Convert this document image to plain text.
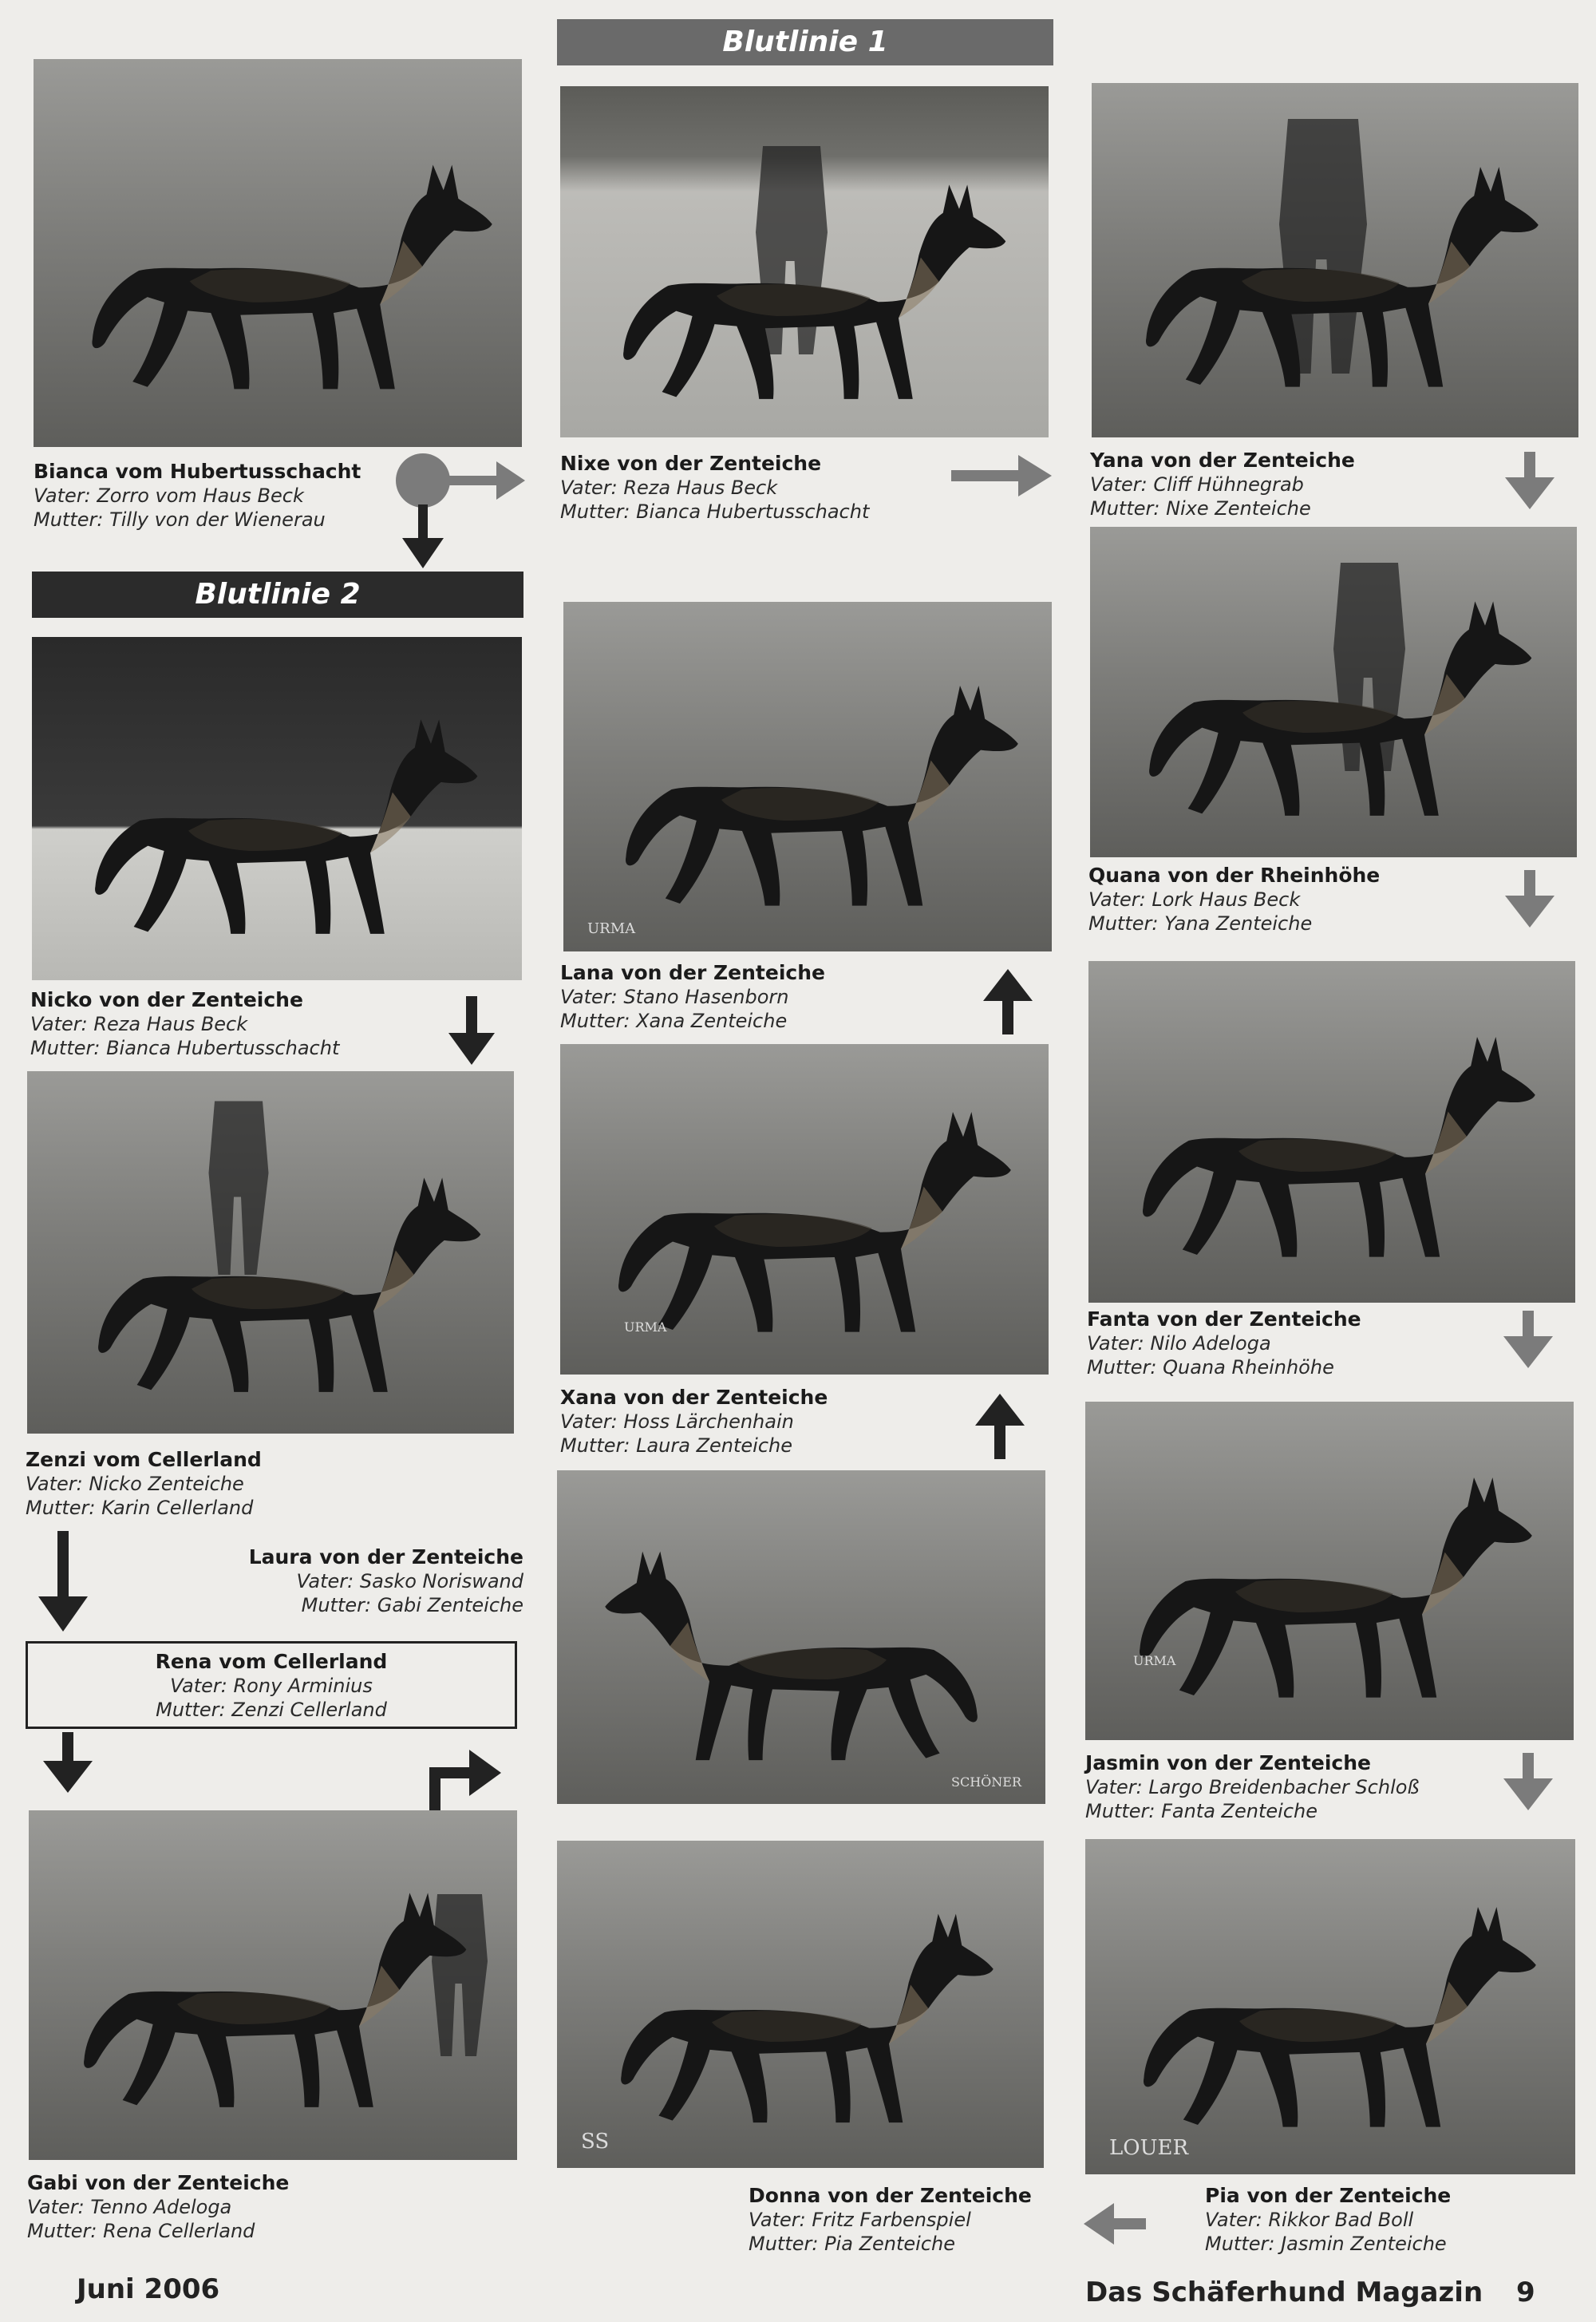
Blutlinie 1
Blutlinie 2
Bianca vom Hubertusschacht
Vater: Zorro vom Haus Beck
Mutter: Tilly von der Wienerau
Nicko von der Zenteiche
Vater: Reza Haus Beck
Mutter: Bianca Hubertusschacht
Zenzi vom Cellerland
Vater: Nicko Zenteiche
Mutter: Karin Cellerland
Laura von der Zenteiche
Vater: Sasko Noriswand
Mutter: Gabi Zenteiche
Rena vom Cellerland
Vater: Rony Arminius
Mutter: Zenzi Cellerland
Gabi von der Zenteiche
Vater: Tenno Adeloga
Mutter: Rena Cellerland
Nixe von der Zenteiche
Vater: Reza Haus Beck
Mutter: Bianca Hubertusschacht
URMA
Lana von der Zenteiche
Vater: Stano Hasenborn
Mutter: Xana Zenteiche
URMA
Xana von der Zenteiche
Vater: Hoss Lärchenhain
Mutter: Laura Zenteiche
SCHÖNER
SS
Donna von der Zenteiche
Vater: Fritz Farbenspiel
Mutter: Pia Zenteiche
Yana von der Zenteiche
Vater: Cliff Hühnegrab
Mutter: Nixe Zenteiche
Quana von der Rheinhöhe
Vater: Lork Haus Beck
Mutter: Yana Zenteiche
Fanta von der Zenteiche
Vater: Nilo Adeloga
Mutter: Quana Rheinhöhe
URMA
Jasmin von der Zenteiche
Vater: Largo Breidenbacher Schloß
Mutter: Fanta Zenteiche
LOUER
Pia von der Zenteiche
Vater: Rikkor Bad Boll
Mutter: Jasmin Zenteiche
Juni 2006	Das Schäferhund Magazin 9
